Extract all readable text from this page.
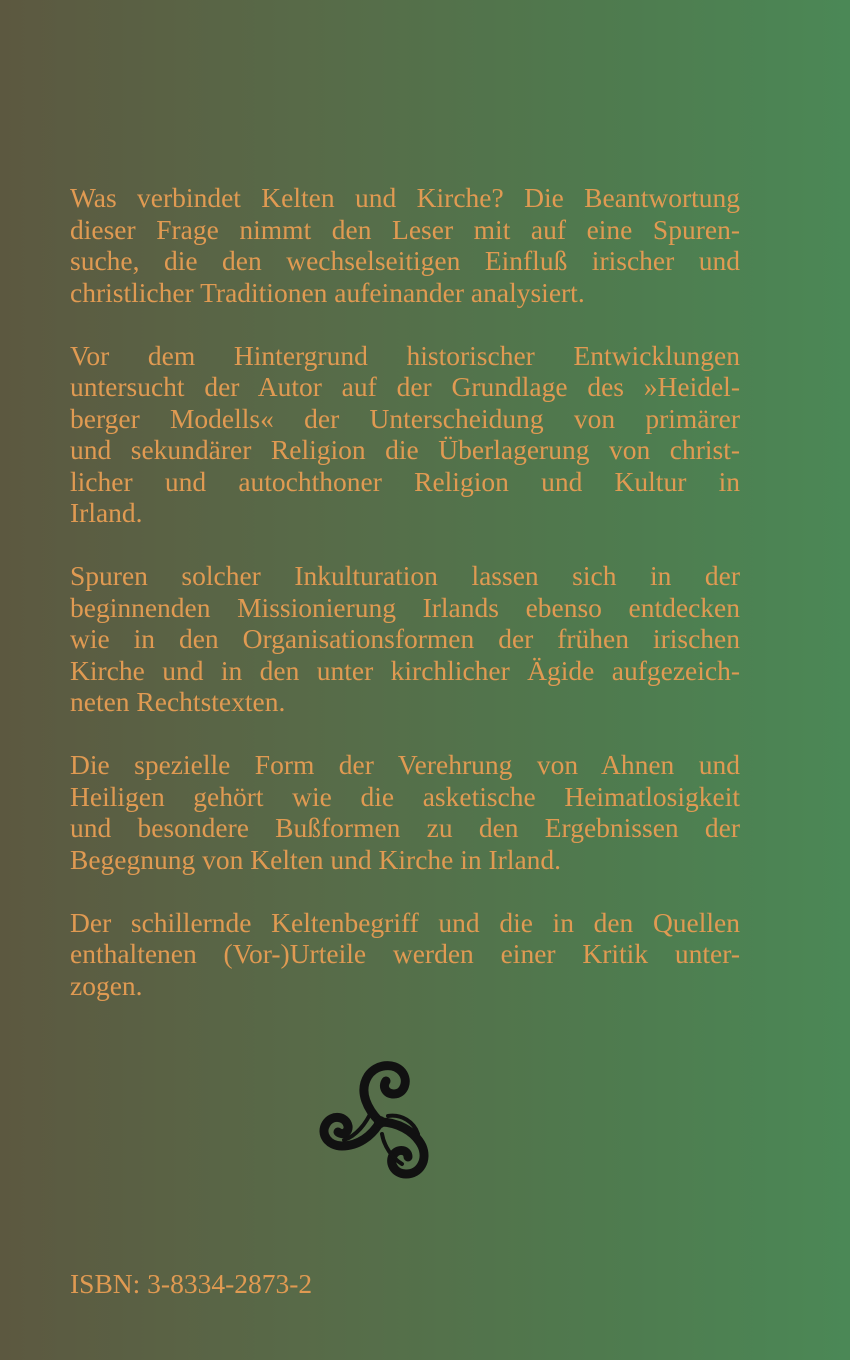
Was verbindet Kelten und Kirche? Die Beantwortung
dieser Frage nimmt den Leser mit auf eine Spuren-
suche, die den wechselseitigen Einfluß irischer und
christlicher Traditionen aufeinander analysiert.
Vor dem Hintergrund historischer Entwicklungen
untersucht der Autor auf der Grundlage des »Heidel-
berger Modells« der Unterscheidung von primärer
und sekundärer Religion die Überlagerung von christ-
licher und autochthoner Religion und Kultur in
Irland.
Spuren solcher Inkulturation lassen sich in der
beginnenden Missionierung Irlands ebenso entdecken
wie in den Organisationsformen der frühen irischen
Kirche und in den unter kirchlicher Ägide aufgezeich-
neten Rechtstexten.
Die spezielle Form der Verehrung von Ahnen und
Heiligen gehört wie die asketische Heimatlosigkeit
und besondere Bußformen zu den Ergebnissen der
Begegnung von Kelten und Kirche in Irland.
Der schillernde Keltenbegriff und die in den Quellen
enthaltenen (Vor-)Urteile werden einer Kritik unter-
zogen.
ISBN: 3-8334-2873-2
